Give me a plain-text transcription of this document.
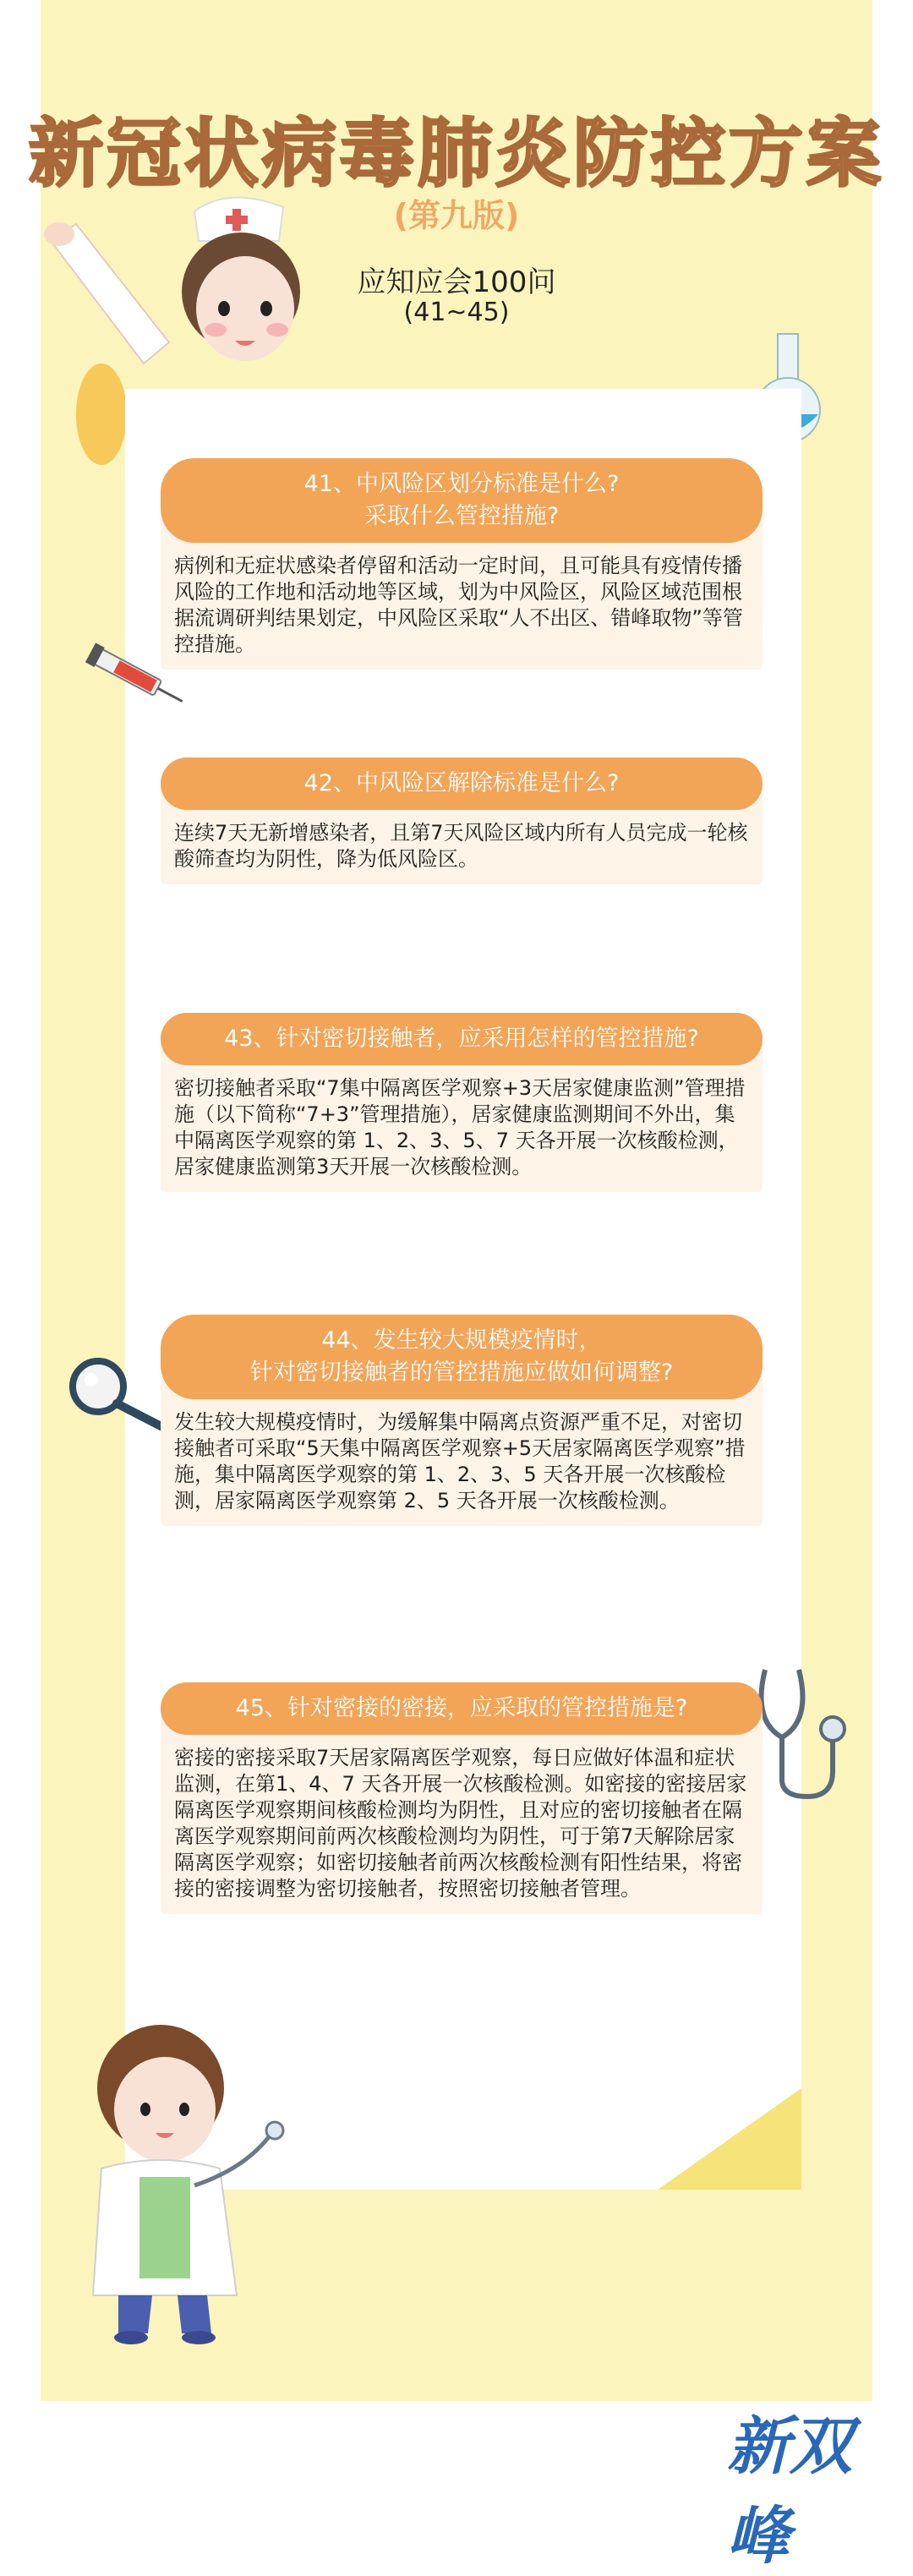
新冠状病毒肺炎防控方案
(第九版)
应知应会100问
(41~45)
41、中风险区划分标准是什么?
采取什么管控措施?
病例和无症状感染者停留和活动一定时间，且可能具有疫情传播风险的工作地和活动地等区域，划为中风险区，风险区域范围根据流调研判结果划定，中风险区采取“人不出区、错峰取物”等管控措施。
42、中风险区解除标准是什么?
连续7天无新增感染者，且第7天风险区域内所有人员完成一轮核酸筛查均为阴性，降为低风险区。
43、针对密切接触者，应采用怎样的管控措施?
密切接触者采取“7集中隔离医学观察+3天居家健康监测”管理措施（以下简称“7+3”管理措施），居家健康监测期间不外出，集中隔离医学观察的第 1、2、3、5、7 天各开展一次核酸检测，居家健康监测第3天开展一次核酸检测。
44、发生较大规模疫情时，
针对密切接触者的管控措施应做如何调整?
发生较大规模疫情时，为缓解集中隔离点资源严重不足，对密切接触者可采取“5天集中隔离医学观察+5天居家隔离医学观察”措施，集中隔离医学观察的第 1、2、3、5 天各开展一次核酸检测，居家隔离医学观察第 2、5 天各开展一次核酸检测。
45、针对密接的密接，应采取的管控措施是?
密接的密接采取7天居家隔离医学观察，每日应做好体温和症状监测，在第1、4、7 天各开展一次核酸检测。如密接的密接居家隔离医学观察期间核酸检测均为阴性，且对应的密切接触者在隔离医学观察期间前两次核酸检测均为阴性，可于第7天解除居家隔离医学观察；如密切接触者前两次核酸检测有阳性结果，将密接的密接调整为密切接触者，按照密切接触者管理。
新双峰
